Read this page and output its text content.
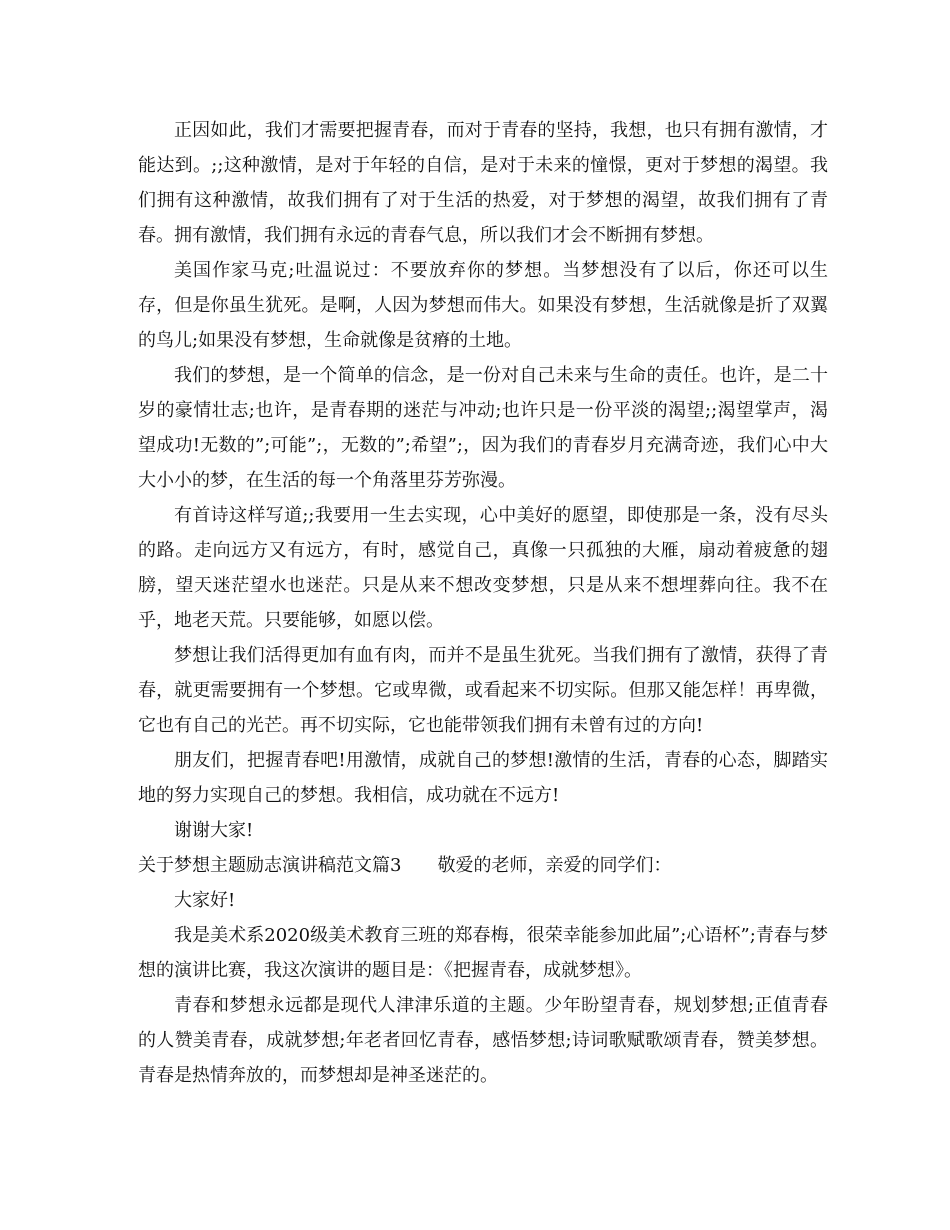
正因如此，我们才需要把握青春，而对于青春的坚持，我想，也只有拥有激情，才能达到。;;这种激情，是对于年轻的自信，是对于未来的憧憬，更对于梦想的渴望。我们拥有这种激情，故我们拥有了对于生活的热爱，对于梦想的渴望，故我们拥有了青春。拥有激情，我们拥有永远的青春气息，所以我们才会不断拥有梦想。

美国作家马克;吐温说过：不要放弃你的梦想。当梦想没有了以后，你还可以生存，但是你虽生犹死。是啊，人因为梦想而伟大。如果没有梦想，生活就像是折了双翼的鸟儿;如果没有梦想，生命就像是贫瘠的土地。

我们的梦想，是一个简单的信念，是一份对自己未来与生命的责任。也许，是二十岁的豪情壮志;也许，是青春期的迷茫与冲动;也许只是一份平淡的渴望;;渴望掌声，渴望成功!无数的”;可能”;，无数的”;希望”;，因为我们的青春岁月充满奇迹，我们心中大大小小的梦，在生活的每一个角落里芬芳弥漫。

有首诗这样写道;;我要用一生去实现，心中美好的愿望，即使那是一条，没有尽头的路。走向远方又有远方，有时，感觉自己，真像一只孤独的大雁，扇动着疲惫的翅膀，望天迷茫望水也迷茫。只是从来不想改变梦想，只是从来不想埋葬向往。我不在乎，地老天荒。只要能够，如愿以偿。

梦想让我们活得更加有血有肉，而并不是虽生犹死。当我们拥有了激情，获得了青春，就更需要拥有一个梦想。它或卑微，或看起来不切实际。但那又能怎样！再卑微，它也有自己的光芒。再不切实际，它也能带领我们拥有未曾有过的方向!

朋友们，把握青春吧!用激情，成就自己的梦想!激情的生活，青春的心态，脚踏实地的努力实现自己的梦想。我相信，成功就在不远方!

谢谢大家!

关于梦想主题励志演讲稿范文篇3 敬爱的老师，亲爱的同学们：

大家好!

我是美术系2020级美术教育三班的郑春梅，很荣幸能参加此届”;心语杯”;青春与梦想的演讲比赛，我这次演讲的题目是：《把握青春，成就梦想》。

青春和梦想永远都是现代人津津乐道的主题。少年盼望青春，规划梦想;正值青春的人赞美青春，成就梦想;年老者回忆青春，感悟梦想;诗词歌赋歌颂青春，赞美梦想。青春是热情奔放的，而梦想却是神圣迷茫的。
